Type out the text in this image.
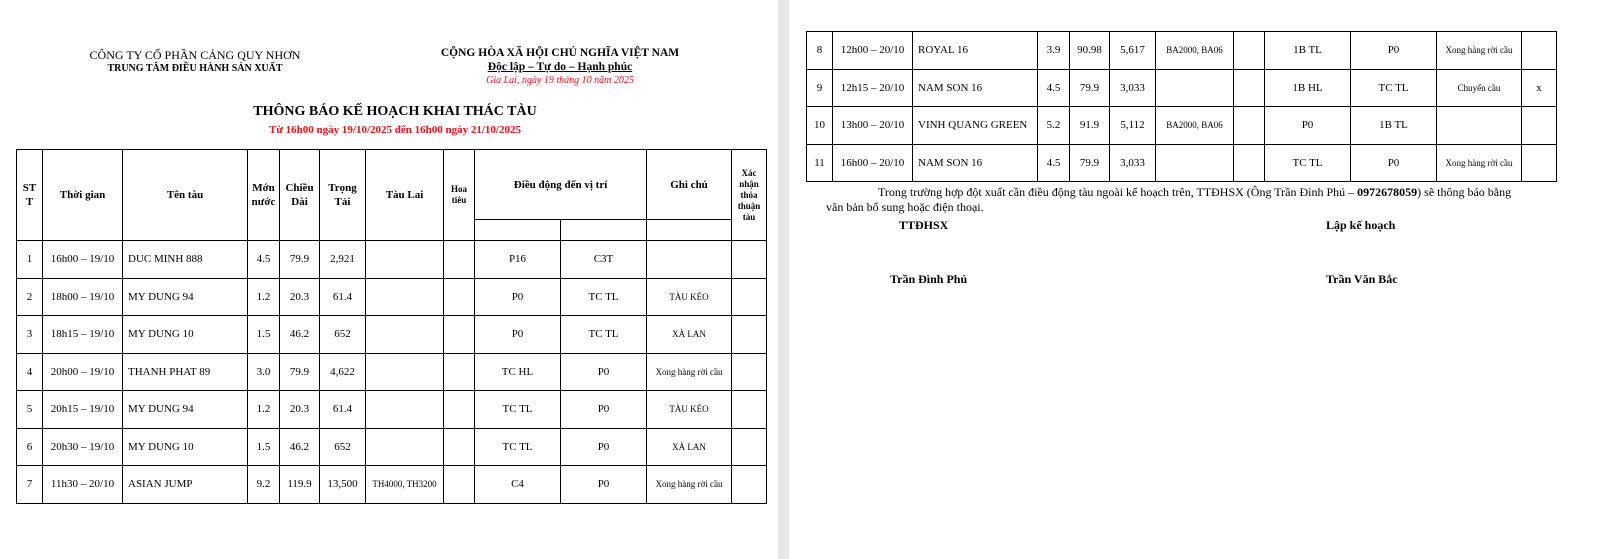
CÔNG TY CỔ PHẦN CẢNG QUY NHƠN
TRUNG TÂM ĐIỀU HÀNH SẢN XUẤT
CỘNG HÒA XÃ HỘI CHỦ NGHĨA VIỆT NAM
Độc lập – Tự do – Hạnh phúc
Gia Lai, ngày 19 tháng 10 năm 2025
THÔNG BÁO KẾ HOẠCH KHAI THÁC TÀU
Từ 16h00 ngày 19/10/2025 đến 16h00 ngày 21/10/2025
ST T	Thời gian	Tên tàu	Mớn nước	Chiều Dài	Trọng Tải	Tàu Lai	Hoa tiêu	Điều động đến vị trí		Ghi chú	Xác nhận thỏa thuận tàu

1	16h00 – 19/10	DUC MINH 888	4.5	79.9	2,921			P16	C3T		
2	18h00 – 19/10	MY DUNG 94	1.2	20.3	61.4			P0	TC TL	TÀU KÉO	
3	18h15 – 19/10	MY DUNG 10	1.5	46.2	652			P0	TC TL	XÀ LAN	
4	20h00 – 19/10	THANH PHAT 89	3.0	79.9	4,622			TC HL	P0	Xong hàng rời cầu	
5	20h15 – 19/10	MY DUNG 94	1.2	20.3	61.4			TC TL	P0	TÀU KÉO	
6	20h30 – 19/10	MY DUNG 10	1.5	46.2	652			TC TL	P0	XÀ LAN	
7	11h30 – 20/10	ASIAN JUMP	9.2	119.9	13,500	TH4000, TH3200		C4	P0	Xong hàng rời cầu	
8	12h00 – 20/10	ROYAL 16	3.9	90.98	5,617	BA2000, BA06		1B TL	P0	Xong hàng rời cầu	
9	12h15 – 20/10	NAM SON 16	4.5	79.9	3,033			1B HL	TC TL	Chuyển cầu	x
10	13h00 – 20/10	VINH QUANG GREEN	5.2	91.9	5,112	BA2000, BA06		P0	1B TL		
11	16h00 – 20/10	NAM SON 16	4.5	79.9	3,033			TC TL	P0	Xong hàng rời cầu	
Trong trường hợp đột xuất cần điều động tàu ngoài kế hoạch trên, TTĐHSX (Ông Trần Đình Phú – 0972678059) sẽ thông báo bằng
văn bản bổ sung hoặc điện thoại.
TTĐHSX	Lập kế hoạch
Trần Đình Phú	Trần Văn Bắc
